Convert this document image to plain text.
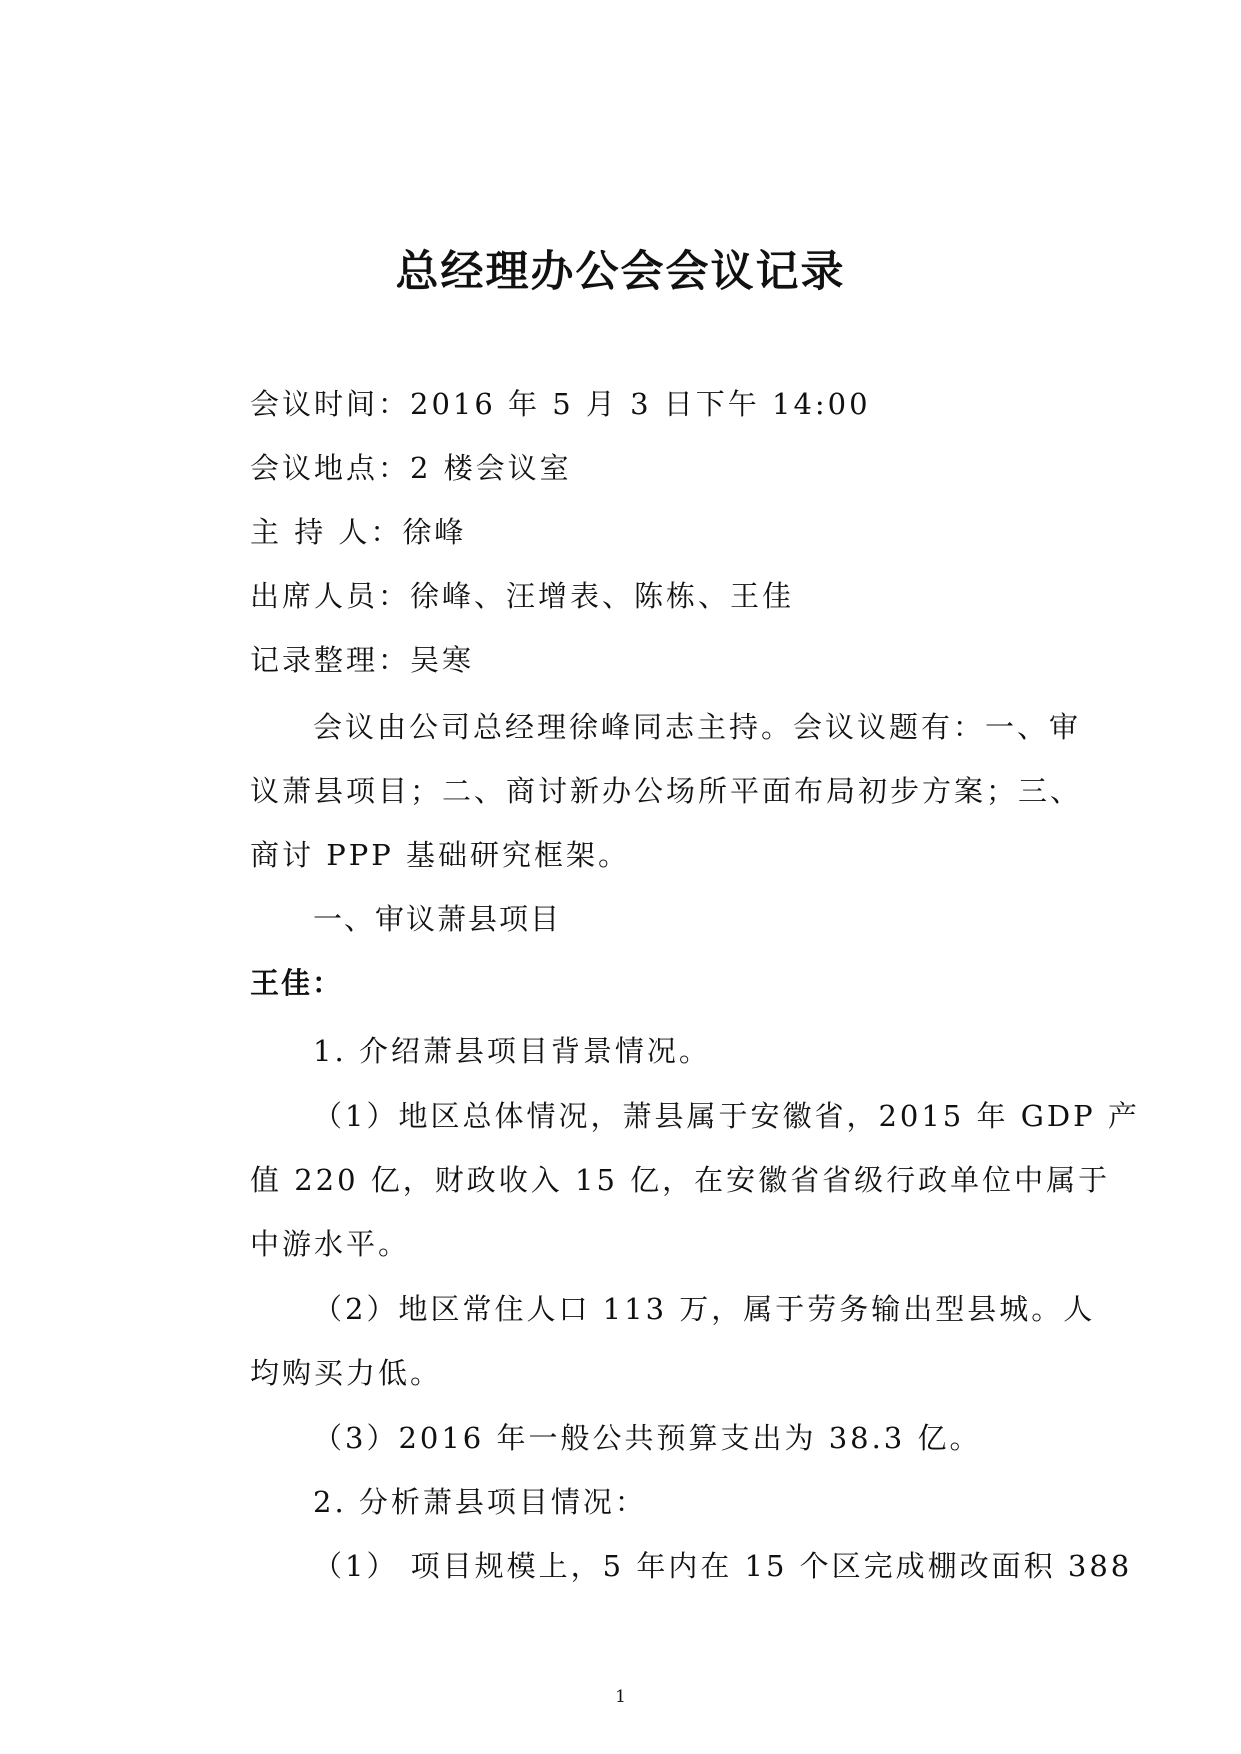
总经理办公会会议记录
会议时间：2016 年 5 月 3 日下午 14:00
会议地点：2 楼会议室
主 持 人：徐峰
出席人员：徐峰、汪增表、陈栋、王佳
记录整理：吴寒
会议由公司总经理徐峰同志主持。会议议题有：一、审
议萧县项目；二、商讨新办公场所平面布局初步方案；三、
商讨 PPP 基础研究框架。
一、审议萧县项目
王佳：
1. 介绍萧县项目背景情况。
（1）地区总体情况，萧县属于安徽省，2015 年 GDP 产
值 220 亿，财政收入 15 亿，在安徽省省级行政单位中属于
中游水平。
（2）地区常住人口 113 万，属于劳务输出型县城。人
均购买力低。
（3）2016 年一般公共预算支出为 38.3 亿。
2. 分析萧县项目情况：
（1） 项目规模上，5 年内在 15 个区完成棚改面积 388
1
